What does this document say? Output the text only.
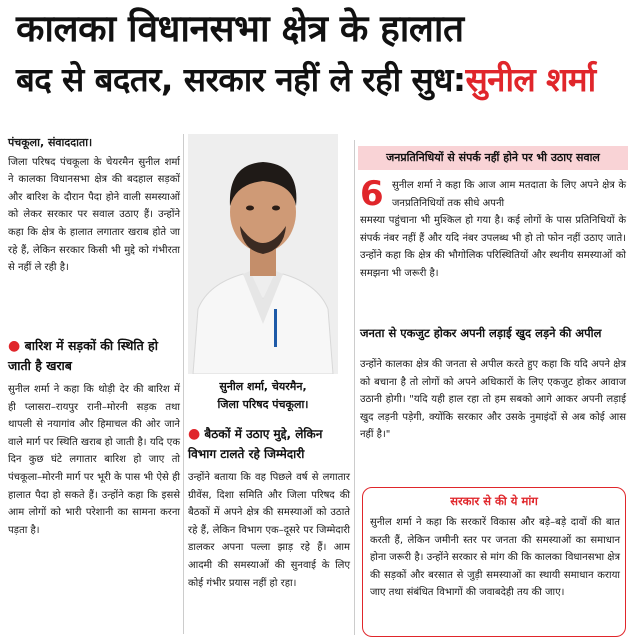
कालका विधानसभा क्षेत्र के हालात
बद से बदतर, सरकार नहीं ले रही सुध:सुनील शर्मा
पंचकूला, संवाददाता।

जिला परिषद पंचकूला के चेयरमैन सुनील शर्मा ने कालका विधानसभा क्षेत्र की बदहाल सड़कों और बारिश के दौरान पैदा होने वाली समस्याओं को लेकर सरकार पर सवाल उठाए हैं। उन्होंने कहा कि क्षेत्र के हालात लगातार खराब होते जा रहे हैं, लेकिन सरकार किसी भी मुद्दे को गंभीरता से नहीं ले रही है।

● बारिश में सड़कों की स्थिति हो जाती है खराब

सुनील शर्मा ने कहा कि थोड़ी देर की बारिश में ही प्लासरा–रायपुर रानी–मोरनी सड़क तथा थापली से नयागांव और हिमाचल की ओर जाने वाले मार्ग पर स्थिति खराब हो जाती है। यदि एक दिन कुछ घंटे लगातार बारिश हो जाए तो पंचकूला–मोरनी मार्ग पर भूरी के पास भी ऐसे ही हालात पैदा हो सकते हैं। उन्होंने कहा कि इससे आम लोगों को भारी परेशानी का सामना करना पड़ता है।

सुनील शर्मा, चेयरमैन,
जिला परिषद पंचकूला।
● बैठकों में उठाए मुद्दे, लेकिन विभाग टालते रहे जिम्मेदारी

उन्होंने बताया कि वह पिछले वर्ष से लगातार ग्रीवेंस, दिशा समिति और जिला परिषद की बैठकों में अपने क्षेत्र की समस्याओं को उठाते रहे हैं, लेकिन विभाग एक–दूसरे पर जिम्मेदारी डालकर अपना पल्ला झाड़ रहे हैं। आम आदमी की समस्याओं की सुनवाई के लिए कोई गंभीर प्रयास नहीं हो रहा।

जनप्रतिनिधियों से संपर्क नहीं होने पर भी उठाए सवाल
6 सुनील शर्मा ने कहा कि आज आम मतदाता के लिए अपने क्षेत्र के जनप्रतिनिधियों तक सीधे अपनी

समस्या पहुंचाना भी मुश्किल हो गया है। कई लोगों के पास प्रतिनिधियों के संपर्क नंबर नहीं हैं और यदि नंबर उपलब्ध भी हो तो फोन नहीं उठाए जाते। उन्होंने कहा कि क्षेत्र की भौगोलिक परिस्थितियों और स्थनीय समस्याओं को समझना भी जरूरी है।

जनता से एकजुट होकर अपनी लड़ाई खुद लड़ने की अपील

उन्होंने कालका क्षेत्र की जनता से अपील करते हुए कहा कि यदि अपने क्षेत्र को बचाना है तो लोगों को अपने अधिकारों के लिए एकजुट होकर आवाज उठानी होगी। "यदि यही हाल रहा तो हम सबको आगे आकर अपनी लड़ाई खुद लड़नी पड़ेगी, क्योंकि सरकार और उसके नुमाइंदों से अब कोई आस नहीं है।"

सरकार से की ये मांग

सुनील शर्मा ने कहा कि सरकारें विकास और बड़े–बड़े दावों की बात करती हैं, लेकिन जमीनी स्तर पर जनता की समस्याओं का समाधान होना जरूरी है। उन्होंने सरकार से मांग की कि कालका विधानसभा क्षेत्र की सड़कों और बरसात से जुड़ी समस्याओं का स्थायी समाधान कराया जाए तथा संबंधित विभागों की जवाबदेही तय की जाए।
